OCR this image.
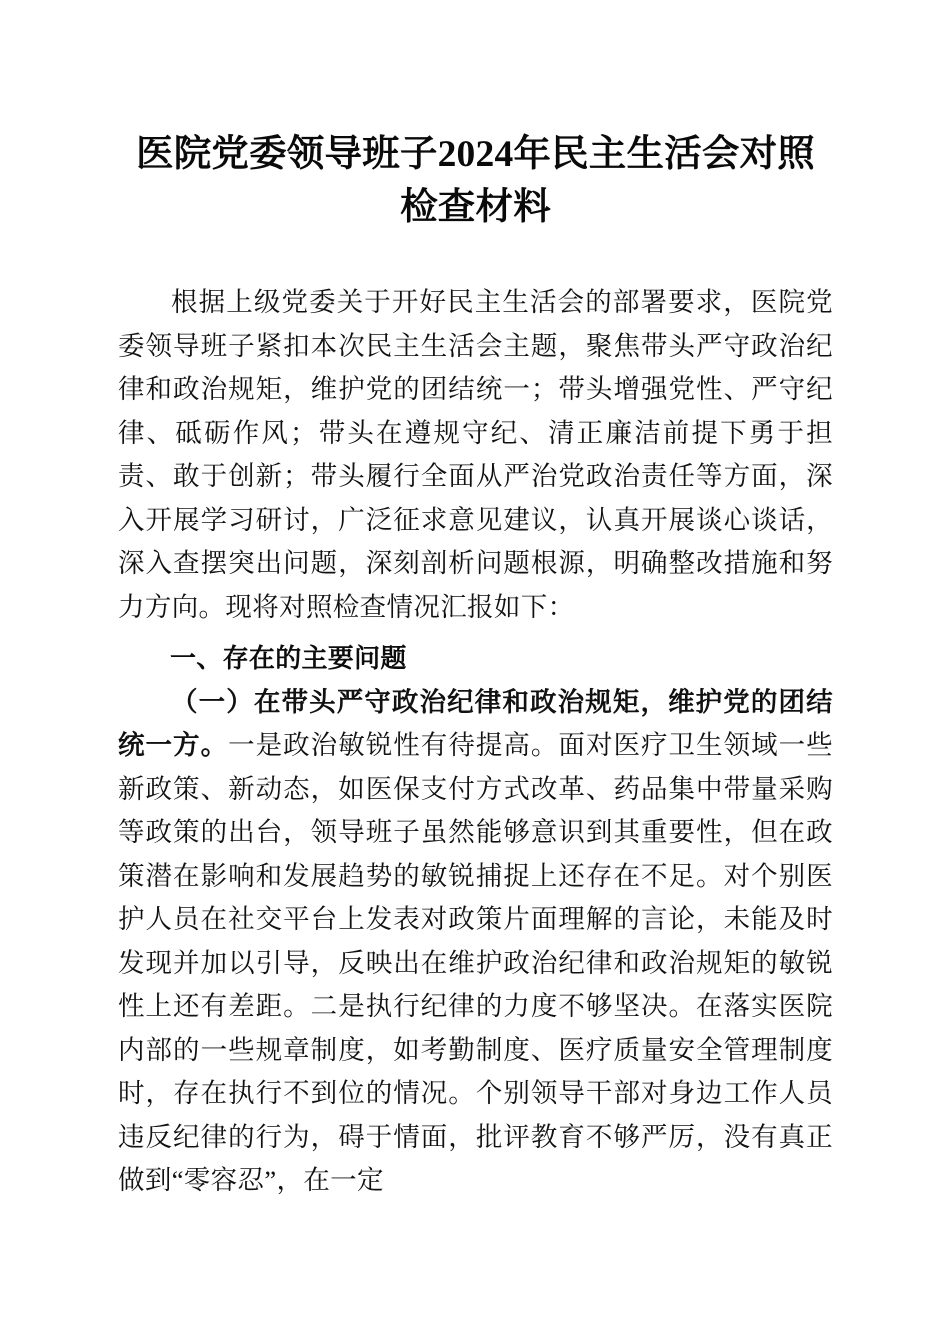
医院党委领导班子2024年民主生活会对照检查材料

根据上级党委关于开好民主生活会的部署要求，医院党委领导班子紧扣本次民主生活会主题，聚焦带头严守政治纪律和政治规矩，维护党的团结统一；带头增强党性、严守纪律、砥砺作风；带头在遵规守纪、清正廉洁前提下勇于担责、敢于创新；带头履行全面从严治党政治责任等方面，深入开展学习研讨，广泛征求意见建议，认真开展谈心谈话，深入查摆突出问题，深刻剖析问题根源，明确整改措施和努力方向。现将对照检查情况汇报如下：

一、存在的主要问题

（一）在带头严守政治纪律和政治规矩，维护党的团结统一方。一是政治敏锐性有待提高。面对医疗卫生领域一些新政策、新动态，如医保支付方式改革、药品集中带量采购等政策的出台，领导班子虽然能够意识到其重要性，但在政策潜在影响和发展趋势的敏锐捕捉上还存在不足。对个别医护人员在社交平台上发表对政策片面理解的言论，未能及时发现并加以引导，反映出在维护政治纪律和政治规矩的敏锐性上还有差距。二是执行纪律的力度不够坚决。在落实医院内部的一些规章制度，如考勤制度、医疗质量安全管理制度时，存在执行不到位的情况。个别领导干部对身边工作人员违反纪律的行为，碍于情面，批评教育不够严厉，没有真正做到“零容忍”，在一定
